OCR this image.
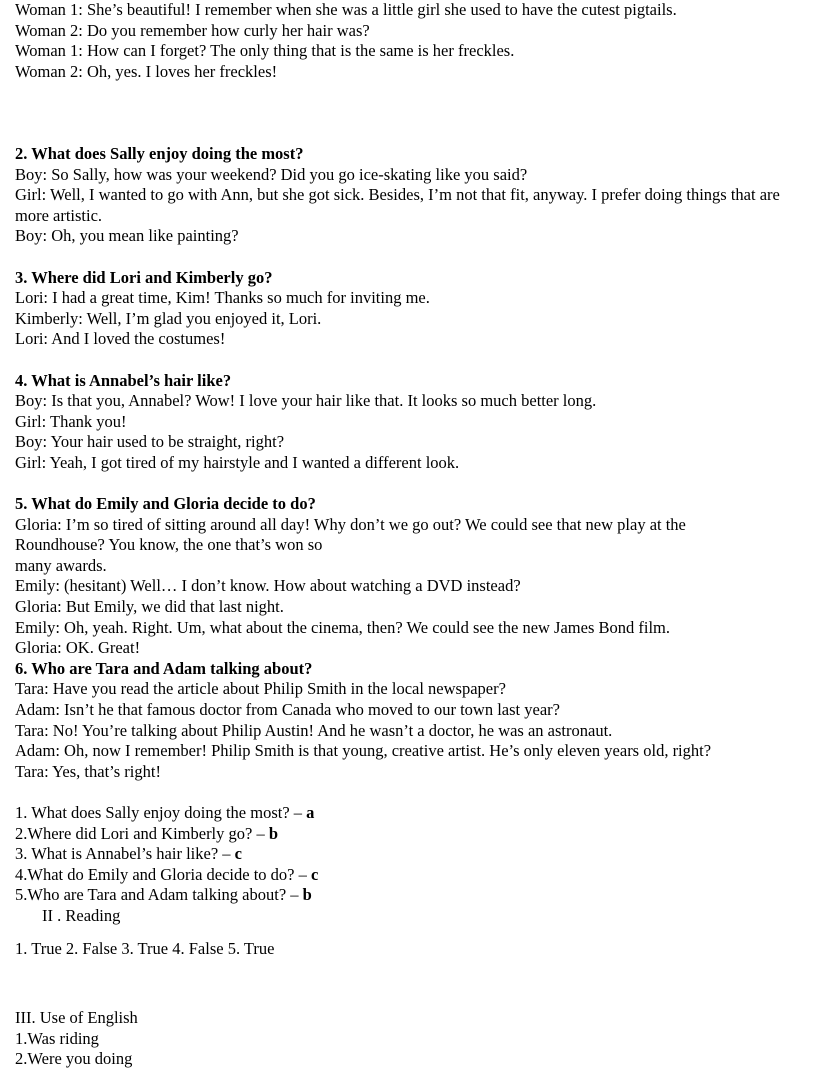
Woman 1: She’s beautiful! I remember when she was a little girl she used to have the cutest pigtails.
Woman 2: Do you remember how curly her hair was?
Woman 1: How can I forget? The only thing that is the same is her freckles.
Woman 2: Oh, yes. I loves her freckles!
2. What does Sally enjoy doing the most?
Boy: So Sally, how was your weekend? Did you go ice-skating like you said?
Girl: Well, I wanted to go with Ann, but she got sick. Besides, I’m not that fit, anyway. I prefer doing things that are more artistic.
Boy: Oh, you mean like painting?
3. Where did Lori and Kimberly go?
Lori: I had a great time, Kim! Thanks so much for inviting me.
Kimberly: Well, I’m glad you enjoyed it, Lori.
Lori: And I loved the costumes!
4. What is Annabel’s hair like?
Boy: Is that you, Annabel? Wow! I love your hair like that. It looks so much better long.
Girl: Thank you!
Boy: Your hair used to be straight, right?
Girl: Yeah, I got tired of my hairstyle and I wanted a different look.
5. What do Emily and Gloria decide to do?
Gloria: I’m so tired of sitting around all day! Why don’t we go out? We could see that new play at the
Roundhouse? You know, the one that’s won so
many awards.
Emily: (hesitant) Well… I don’t know. How about watching a DVD instead?
Gloria: But Emily, we did that last night.
Emily: Oh, yeah. Right. Um, what about the cinema, then? We could see the new James Bond film.
Gloria: OK. Great!
6. Who are Tara and Adam talking about?
Tara: Have you read the article about Philip Smith in the local newspaper?
Adam: Isn’t he that famous doctor from Canada who moved to our town last year?
Tara: No! You’re talking about Philip Austin! And he wasn’t a doctor, he was an astronaut.
Adam: Oh, now I remember! Philip Smith is that young, creative artist. He’s only eleven years old, right?
Tara: Yes, that’s right!
1. What does Sally enjoy doing the most? – a
2.Where did Lori and Kimberly go? – b
3. What is Annabel’s hair like? – c
4.What do Emily and Gloria decide to do? – c
5.Who are Tara and Adam talking about? – b
II . Reading
1. True 2. False 3. True 4. False 5. True
III. Use of English
1.Was riding
2.Were you doing
